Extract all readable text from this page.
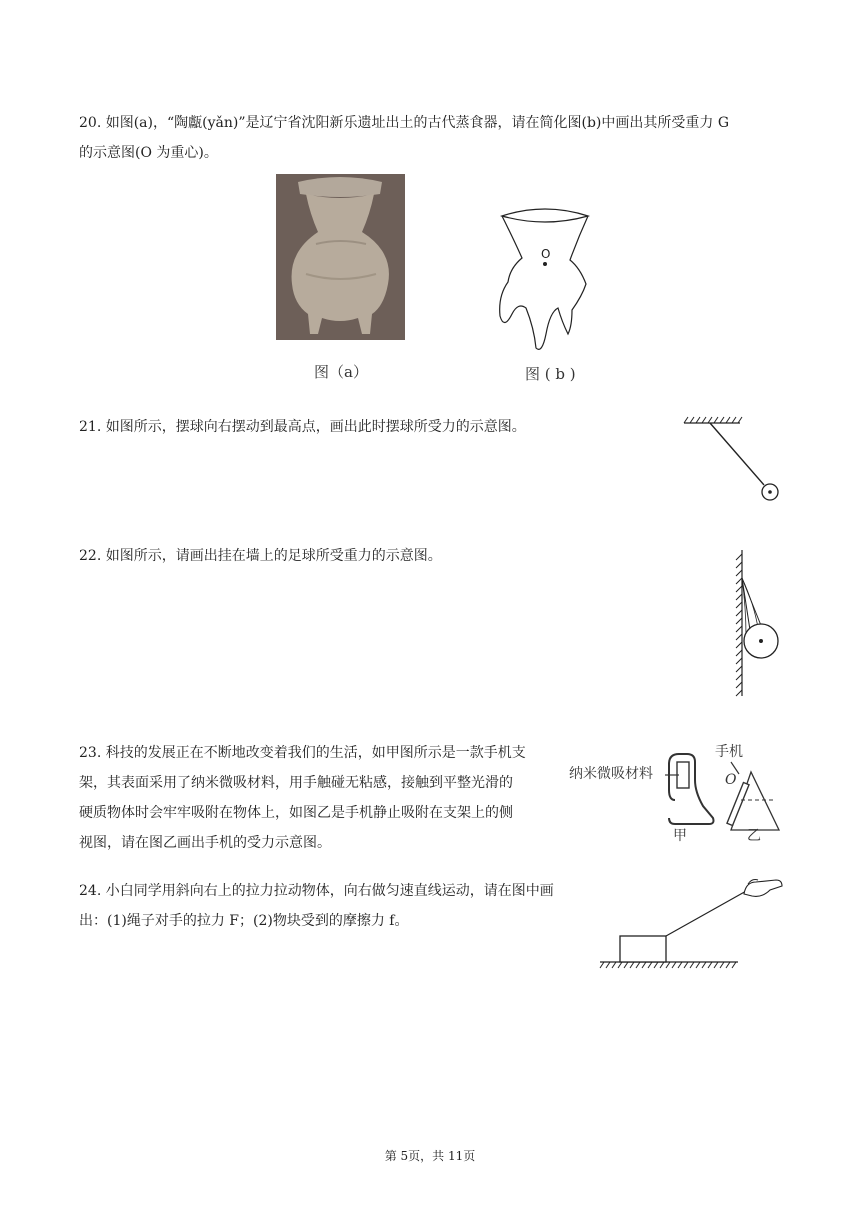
20. 如图(a)，“陶甗(yǎn)”是辽宁省沈阳新乐遗址出土的古代蒸食器，请在简化图(b)中画出其所受重力 G
的示意图(O 为重心)。
图（a）
O
图 ( b )
21. 如图所示，摆球向右摆动到最高点，画出此时摆球所受力的示意图。
22. 如图所示，请画出挂在墙上的足球所受重力的示意图。
23. 科技的发展正在不断地改变着我们的生活，如甲图所示是一款手机支
架，其表面采用了纳米微吸材料，用手触碰无粘感，接触到平整光滑的
硬质物体时会牢牢吸附在物体上，如图乙是手机静止吸附在支架上的侧
视图，请在图乙画出手机的受力示意图。
纳米微吸材料
甲
手机
O
乙
24. 小白同学用斜向右上的拉力拉动物体，向右做匀速直线运动，请在图中画
出：(1)绳子对手的拉力 F；(2)物块受到的摩擦力 f。
第 5页，共 11页
